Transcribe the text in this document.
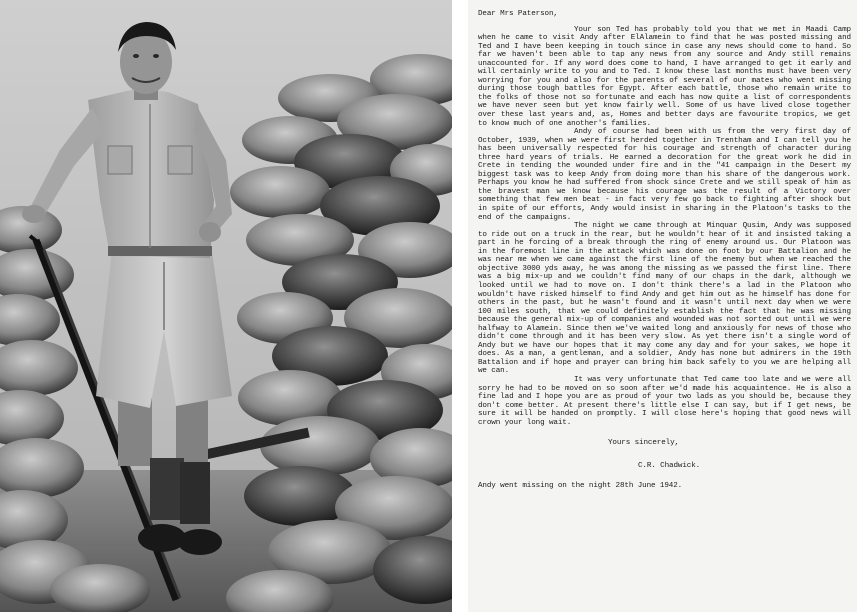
Dear Mrs Paterson,

Your son Ted has probably told you that we met in Maadi Camp when he came to visit Andy after ElAlamein to find that he was posted missing and Ted and I have been keeping in touch since in case any news should come to hand. So far we haven't been able to tap any news from any source and Andy still remains unaccounted for. If any word does come to hand, I have arranged to get it early and will certainly write to you and to Ted. I know these last months must have been very worrying for you and also for the parents of several of our mates who went missing during those tough battles for Egypt. After each battle, those who remain write to the folks of those not so fortunate and each has now quite a list of correspondents we have never seen but yet know fairly well. Some of us have lived close together over these last years and, as, Homes and better days are favourite tropics, we get to know much of one another's families.

Andy of course had been with us from the very first day of October, 1939, when we were first herded together in Trentham and I can tell you he has been universally respected for his courage and strength of character during three hard years of trials. He earned a decoration for the great work he did in Crete in tending the wounded under fire and in the "41 campaign in the Desert my biggest task was to keep Andy from doing more than his share of the dangerous work. Perhaps you know he had suffered from shock since Crete and we still speak of him as the bravest man we know because his courage was the result of a Victory over something that few men beat - in fact very few go back to fighting after shock but in spite of our efforts, Andy would insist in sharing in the Platoon's tasks to the end of the campaigns.

The night we came through at Minquar Qusim, Andy was supposed to ride out on a truck in the rear, but he wouldn't hear of it and insisted taking a part in he forcing of a break through the ring of enemy around us. Our Platoon was in the foremost line in the attack which was done on foot by our Battalion and he was near me when we came against the first line of the enemy but when we reached the objective 3000 yds away, he was among the missing as we passed the first line. There was a big mix-up and we couldn't find many of our chaps in the dark, although we looked until we had to move on. I don't think there's a lad in the Platoon who wouldn't have risked himself to find Andy and get him out as he himself has done for others in the past, but he wasn't found and it wasn't until next day when we were 100 miles south, that we could definitely establish the fact that he was missing because the general mix-up of companies and wounded was not sorted out until we were halfway to Alamein. Since then we've waited long and anxiously for news of those who didn't come through and it has been very slow. As yet there isn't a single word of Andy but we have our hopes that it may come any day and for your sakes, we hope it does. As a man, a gentleman, and a soldier, Andy has none but admirers in the 19th Battalion and if hope and prayer can bring him back safely to you we are helping all we can.

It was very unfortunate that Ted came too late and we were all sorry he had to be moved on so soon after we'd made his acquaintence. He is also a fine lad and I hope you are as proud of your two lads as you should be, because they don't come better. At present there's little else I can say, but if I get news, be sure it will be handed on promptly. I will close here's hoping that good news will crown your long wait.

Yours sincerely,
C.R. Chadwick.
Andy went missing on the night 28th June 1942.
